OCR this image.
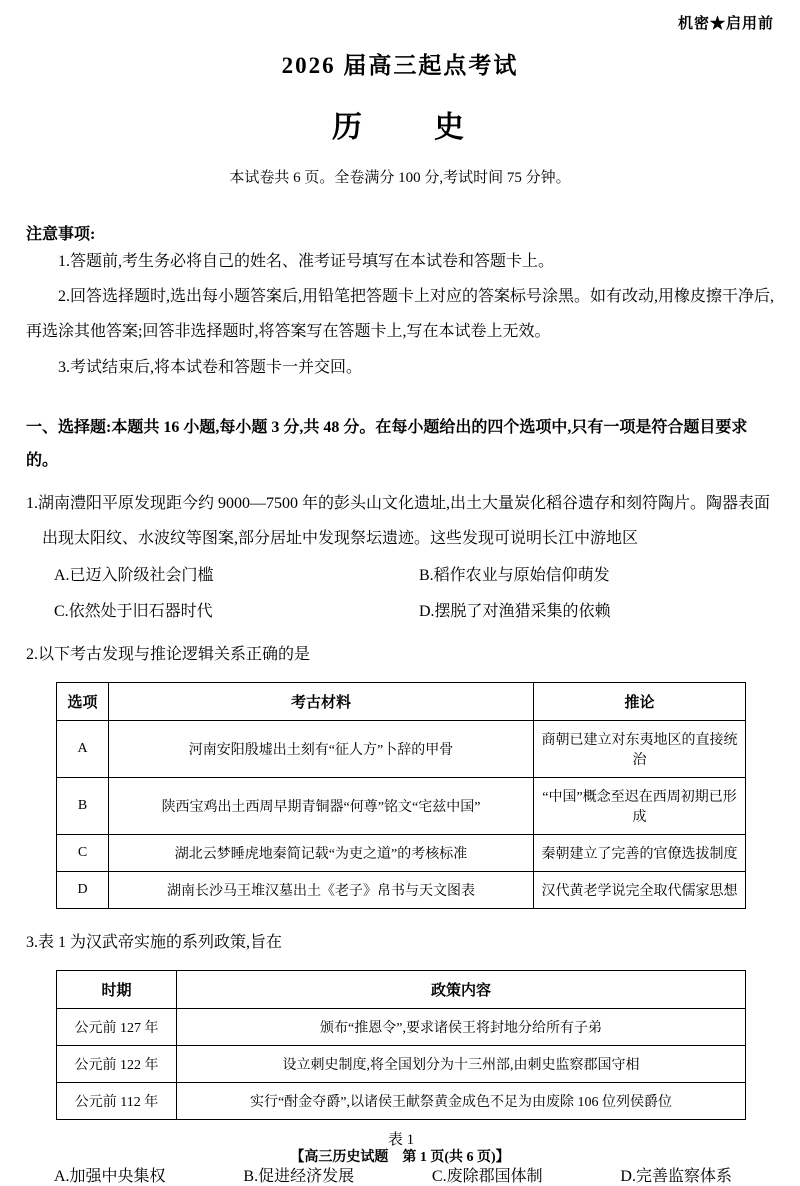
机密★启用前
2026 届高三起点考试
历　　史

本试卷共 6 页。全卷满分 100 分,考试时间 75 分钟。

注意事项:

1.答题前,考生务必将自己的姓名、准考证号填写在本试卷和答题卡上。

2.回答选择题时,选出每小题答案后,用铅笔把答题卡上对应的答案标号涂黑。如有改动,用橡皮擦干净后,再选涂其他答案;回答非选择题时,将答案写在答题卡上,写在本试卷上无效。

3.考试结束后,将本试卷和答题卡一并交回。

一、选择题:本题共 16 小题,每小题 3 分,共 48 分。在每小题给出的四个选项中,只有一项是符合题目要求的。

1.湖南澧阳平原发现距今约 9000—7500 年的彭头山文化遗址,出土大量炭化稻谷遗存和刻符陶片。陶器表面出现太阳纹、水波纹等图案,部分居址中发现祭坛遗迹。这些发现可说明长江中游地区

A.已迈入阶级社会门槛	B.稻作农业与原始信仰萌发
C.依然处于旧石器时代	D.摆脱了对渔猎采集的依赖

2.以下考古发现与推论逻辑关系正确的是

选项	考古材料	推论
A	河南安阳殷墟出土刻有“征人方”卜辞的甲骨	商朝已建立对东夷地区的直接统治
B	陕西宝鸡出土西周早期青铜器“何尊”铭文“宅兹中国”	“中国”概念至迟在西周初期已形成
C	湖北云梦睡虎地秦简记载“为吏之道”的考核标准	秦朝建立了完善的官僚选拔制度
D	湖南长沙马王堆汉墓出土《老子》帛书与天文图表	汉代黄老学说完全取代儒家思想

3.表 1 为汉武帝实施的系列政策,旨在

时期	政策内容
公元前 127 年	颁布“推恩令”,要求诸侯王将封地分给所有子弟
公元前 122 年	设立刺史制度,将全国划分为十三州部,由刺史监察郡国守相
公元前 112 年	实行“酎金夺爵”,以诸侯王献祭黄金成色不足为由废除 106 位列侯爵位

表 1

A.加强中央集权	B.促进经济发展	C.废除郡国体制	D.完善监察体系
【高三历史试题　第 1 页(共 6 页)】
